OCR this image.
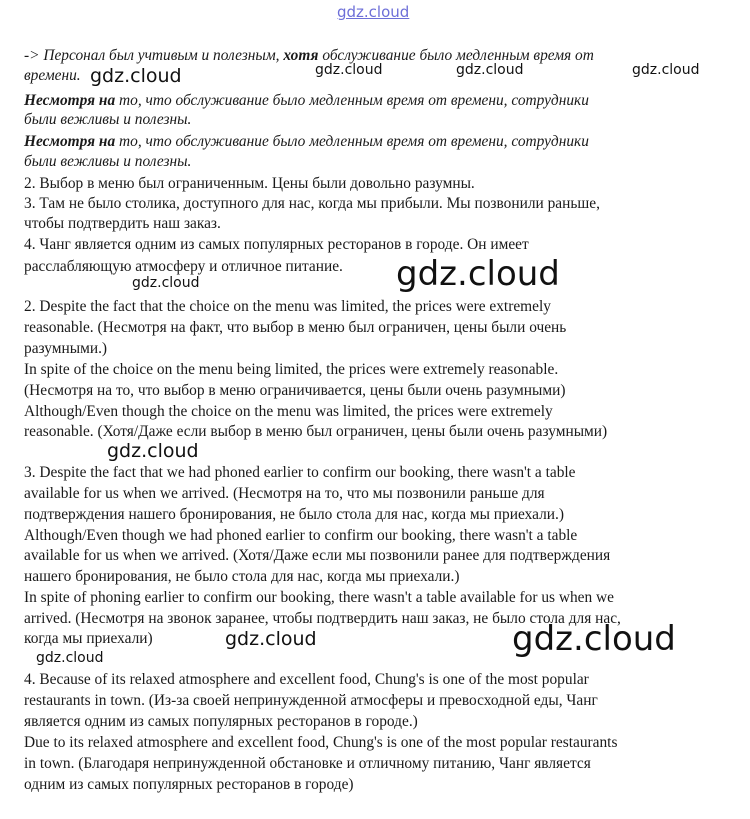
gdz.cloud
-> Персонал был учтивым и полезным, хотя обслуживание было медленным время от
времени.
Несмотря на то, что обслуживание было медленным время от времени, сотрудники
были вежливы и полезны.
Несмотря на то, что обслуживание было медленным время от времени, сотрудники
были вежливы и полезны.
2. Выбор в меню был ограниченным. Цены были довольно разумны.
3. Там не было столика, доступного для нас, когда мы прибыли. Мы позвонили раньше,
чтобы подтвердить наш заказ.
4. Чанг является одним из самых популярных ресторанов в городе. Он имеет
расслабляющую атмосферу и отличное питание.
2. Despite the fact that the choice on the menu was limited, the prices were extremely
reasonable. (Несмотря на факт, что выбор в меню был ограничен, цены были очень
разумными.)
In spite of the choice on the menu being limited, the prices were extremely reasonable.
(Несмотря на то, что выбор в меню ограничивается, цены были очень разумными)
Although/Even though the choice on the menu was limited, the prices were extremely
reasonable. (Хотя/Даже если выбор в меню был ограничен, цены были очень разумными)
3. Despite the fact that we had phoned earlier to confirm our booking, there wasn't a table
available for us when we arrived. (Несмотря на то, что мы позвонили раньше для
подтверждения нашего бронирования, не было стола для нас, когда мы приехали.)
Although/Even though we had phoned earlier to confirm our booking, there wasn't a table
available for us when we arrived. (Хотя/Даже если мы позвонили ранее для подтверждения
нашего бронирования, не было стола для нас, когда мы приехали.)
In spite of phoning earlier to confirm our booking, there wasn't a table available for us when we
arrived. (Несмотря на звонок заранее, чтобы подтвердить наш заказ, не было стола для нас,
когда мы приехали)
4. Because of its relaxed atmosphere and excellent food, Chung's is one of the most popular
restaurants in town. (Из-за своей непринужденной атмосферы и превосходной еды, Чанг
является одним из самых популярных ресторанов в городе.)
Due to its relaxed atmosphere and excellent food, Chung's is one of the most popular restaurants
in town. (Благодаря непринужденной обстановке и отличному питанию, Чанг является
одним из самых популярных ресторанов в городе)
gdz.cloud	gdz.cloud	gdz.cloud	gdz.cloud
gdz.cloud
gdz.cloud
gdz.cloud
gdz.cloud	gdz.cloud
gdz.cloud
